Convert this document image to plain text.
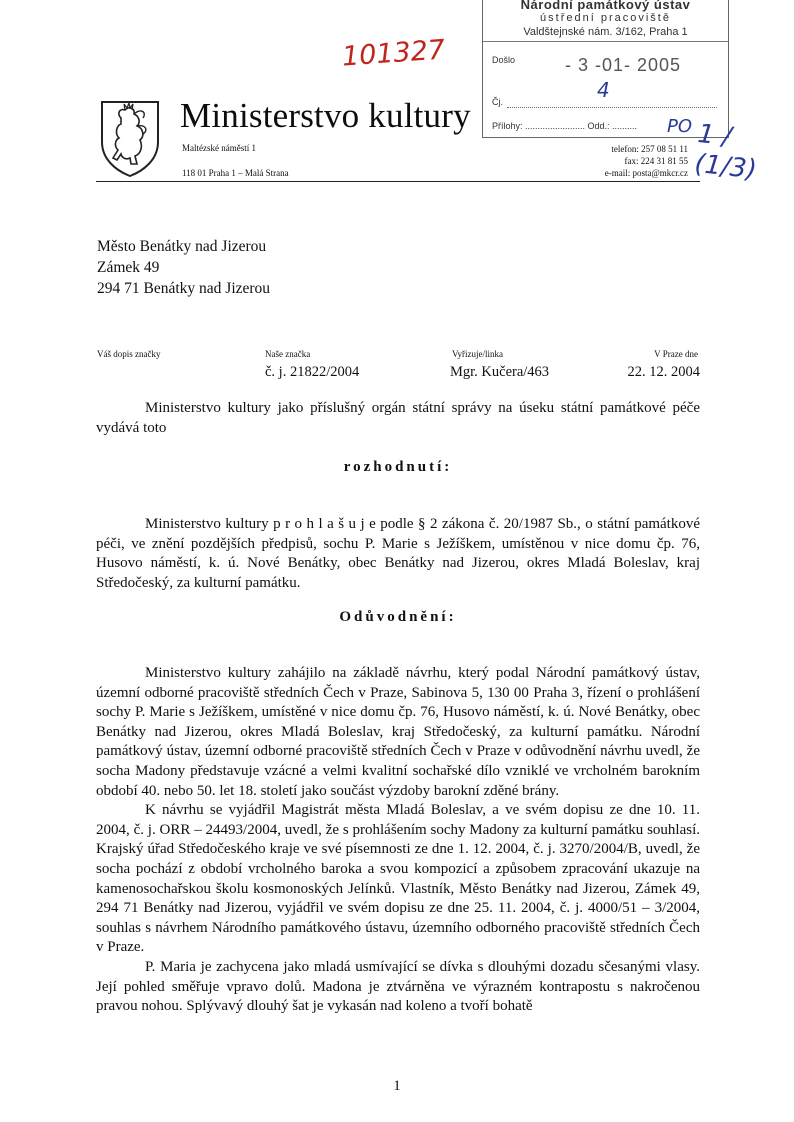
Národní památkový ústav
ústřední pracoviště
Valdštejnské nám. 3/162, Praha 1
Došlo	- 3 -01- 2005
Čj.
Přílohy: ........................ Odd.: ..........
101327
4
PO 1 / (1/3)
Ministerstvo kultury
Maltézské náměstí 1
118 01 Praha 1 – Malá Strana
telefon: 257 08 51 11
fax: 224 31 81 55
e-mail: posta@mkcr.cz
Město Benátky nad Jizerou
Zámek 49
294 71 Benátky nad Jizerou
Váš dopis značky	Naše značka
č. j. 21822/2004
Vyřizuje/linka
Mgr. Kučera/463
V Praze dne
22. 12. 2004

Ministerstvo kultury jako příslušný orgán státní správy na úseku státní památkové péče vydává toto

rozhodnutí:

Ministerstvo kultury p r o h l a š u j e podle § 2 zákona č. 20/1987 Sb., o státní památkové péči, ve znění pozdějších předpisů, sochu P. Marie s Ježíškem, umístěnou v nice domu čp. 76, Husovo náměstí, k. ú. Nové Benátky, obec Benátky nad Jizerou, okres Mladá Boleslav, kraj Středočeský, za kulturní památku.

Odůvodnění:

Ministerstvo kultury zahájilo na základě návrhu, který podal Národní památkový ústav, územní odborné pracoviště středních Čech v Praze, Sabinova 5, 130 00 Praha 3, řízení o prohlášení sochy P. Marie s Ježíškem, umístěné v nice domu čp. 76, Husovo náměstí, k. ú. Nové Benátky, obec Benátky nad Jizerou, okres Mladá Boleslav, kraj Středočeský, za kulturní památku. Národní památkový ústav, územní odborné pracoviště středních Čech v Praze v odůvodnění návrhu uvedl, že socha Madony představuje vzácné a velmi kvalitní sochařské dílo vzniklé ve vrcholném barokním období 40. nebo 50. let 18. století jako součást výzdoby barokní zděné brány.

K návrhu se vyjádřil Magistrát města Mladá Boleslav, a ve svém dopisu ze dne 10. 11. 2004, č. j. ORR – 24493/2004, uvedl, že s prohlášením sochy Madony za kulturní památku souhlasí. Krajský úřad Středočeského kraje ve své písemnosti ze dne 1. 12. 2004, č. j. 3270/2004/B, uvedl, že socha pochází z období vrcholného baroka a svou kompozicí a způsobem zpracování ukazuje na kamenosochařskou školu kosmonoských Jelínků. Vlastník, Město Benátky nad Jizerou, Zámek 49, 294 71 Benátky nad Jizerou, vyjádřil ve svém dopisu ze dne 25. 11. 2004, č. j. 4000/51 – 3/2004, souhlas s návrhem Národního památkového ústavu, územního odborného pracoviště středních Čech v Praze.

P. Maria je zachycena jako mladá usmívající se dívka s dlouhými dozadu sčesanými vlasy. Její pohled směřuje vpravo dolů. Madona je ztvárněna ve výrazném kontrapostu s nakročenou pravou nohou. Splývavý dlouhý šat je vykasán nad koleno a tvoří bohatě

1
